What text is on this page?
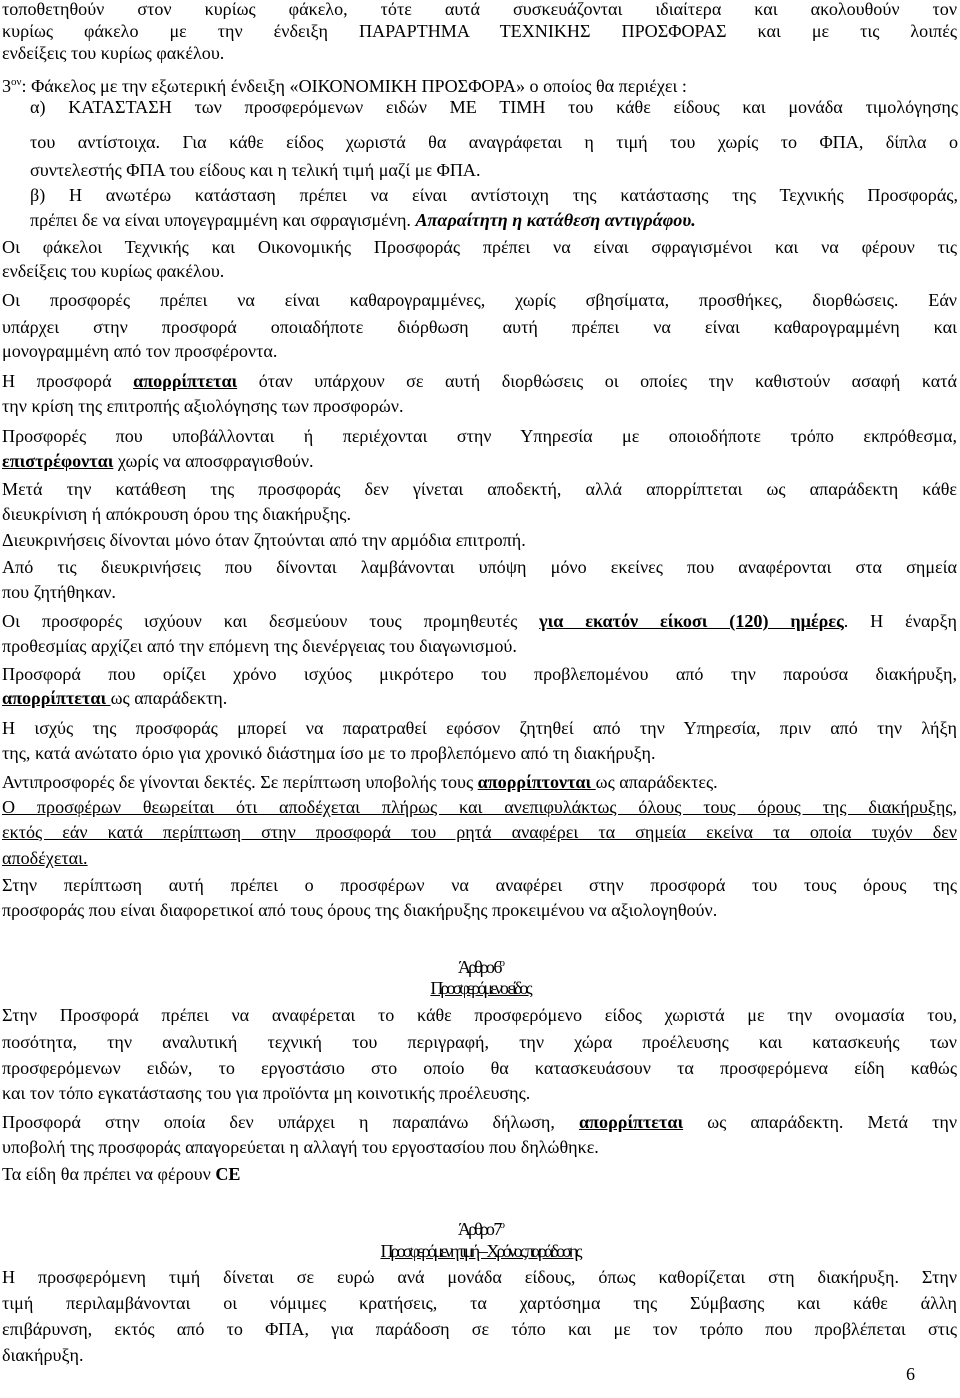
τοποθετηθούν στον κυρίως φάκελο, τότε αυτά συσκευάζονται ιδιαίτερα και ακολουθούν τον
κυρίως φάκελο με την ένδειξη ΠΑΡΑΡΤΗΜΑ ΤΕΧΝΙΚΗΣ ΠΡΟΣΦΟΡΑΣ και με τις λοιπές
ενδείξεις του κυρίως φακέλου.
$3^{o\nu}$: Φάκελος με την εξωτερική ένδειξη «ΟΙΚΟΝΟΜΙΚΗ ΠΡΟΣΦΟΡΑ» ο οποίος θα περιέχει :
α) ΚΑΤΑΣΤΑΣΗ των προσφερόμενων ειδών ΜΕ ΤΙΜΗ του κάθε είδους και μονάδα τιμολόγησης
του αντίστοιχα. Για κάθε είδος χωριστά θα αναγράφεται η τιμή του χωρίς το ΦΠΑ, δίπλα ο
συντελεστής ΦΠΑ του είδους και η τελική τιμή μαζί με ΦΠΑ.
β) Η ανωτέρω κατάσταση πρέπει να είναι αντίστοιχη της κατάστασης της Τεχνικής Προσφοράς,
πρέπει δε να είναι υπογεγραμμένη και σφραγισμένη. Απαραίτητη η κατάθεση αντιγράφου.
Οι φάκελοι Τεχνικής και Οικονομικής Προσφοράς πρέπει να είναι σφραγισμένοι και να φέρουν τις
ενδείξεις του κυρίως φακέλου.
Οι προσφορές πρέπει να είναι καθαρογραμμένες, χωρίς σβησίματα, προσθήκες, διορθώσεις. Εάν
υπάρχει στην προσφορά οποιαδήποτε διόρθωση αυτή πρέπει να είναι καθαρογραμμένη και
μονογραμμένη από τον προσφέροντα.
Η προσφορά απορρίπτεται όταν υπάρχουν σε αυτή διορθώσεις οι οποίες την καθιστούν ασαφή κατά
την κρίση της επιτροπής αξιολόγησης των προσφορών.
Προσφορές που υποβάλλονται ή περιέχονται στην Υπηρεσία με οποιοδήποτε τρόπο εκπρόθεσμα,
επιστρέφονται χωρίς να αποσφραγισθούν.
Μετά την κατάθεση της προσφοράς δεν γίνεται αποδεκτή, αλλά απορρίπτεται ως απαράδεκτη κάθε
διευκρίνιση ή απόκρουση όρου της διακήρυξης.
Διευκρινήσεις δίνονται μόνο όταν ζητούνται από την αρμόδια επιτροπή.
Από τις διευκρινήσεις που δίνονται λαμβάνονται υπόψη μόνο εκείνες που αναφέρονται στα σημεία
που ζητήθηκαν.
Οι προσφορές ισχύουν και δεσμεύουν τους προμηθευτές για εκατόν είκοσι (120) ημέρες. Η έναρξη
προθεσμίας αρχίζει από την επόμενη της διενέργειας του διαγωνισμού.
Προσφορά που ορίζει χρόνο ισχύος μικρότερο του προβλεπομένου από την παρούσα διακήρυξη,
απορρίπτεται ως απαράδεκτη.
Η ισχύς της προσφοράς μπορεί να παρατραθεί εφόσον ζητηθεί από την Υπηρεσία, πριν από την λήξη
της, κατά ανώτατο όριο για χρονικό διάστημα ίσο με το προβλεπόμενο από τη διακήρυξη.
Αντιπροσφορές δε γίνονται δεκτές. Σε περίπτωση υποβολής τους απορρίπτονται ως απαράδεκτες.
Ο προσφέρων θεωρείται ότι αποδέχεται πλήρως και ανεπιφυλάκτως όλους τους όρους της διακήρυξης,
εκτός εάν κατά περίπτωση στην προσφορά του ρητά αναφέρει τα σημεία εκείνα τα οποία τυχόν δεν
αποδέχεται.
Στην περίπτωση αυτή πρέπει ο προσφέρων να αναφέρει στην προσφορά του τους όρους της
προσφοράς που είναι διαφορετικοί από τους όρους της διακήρυξης προκειμένου να αξιολογηθούν.
Άρθρο $6^o$
Προσφερόμενο είδος
Στην Προσφορά πρέπει να αναφέρεται το κάθε προσφερόμενο είδος χωριστά με την ονομασία του,
ποσότητα, την αναλυτική τεχνική του περιγραφή, την χώρα προέλευσης και κατασκευής των
προσφερόμενων ειδών, το εργοστάσιο στο οποίο θα κατασκευάσουν τα προσφερόμενα είδη καθώς
και τον τόπο εγκατάστασης του για προϊόντα μη κοινοτικής προέλευσης.
Προσφορά στην οποία δεν υπάρχει η παραπάνω δήλωση, απορρίπτεται ως απαράδεκτη. Μετά την
υποβολή της προσφοράς απαγορεύεται η αλλαγή του εργοστασίου που δηλώθηκε.
Τα είδη θα πρέπει να φέρουν CE
Άρθρο $7^o$
Προσφερόμενη τιμή – Χρόνος παράδοσης
Η προσφερόμενη τιμή δίνεται σε ευρώ ανά μονάδα είδους, όπως καθορίζεται στη διακήρυξη. Στην
τιμή περιλαμβάνονται οι νόμιμες κρατήσεις, τα χαρτόσημα της Σύμβασης και κάθε άλλη
επιβάρυνση, εκτός από το ΦΠΑ, για παράδοση σε τόπο και με τον τρόπο που προβλέπεται στις
διακήρυξη.
6
